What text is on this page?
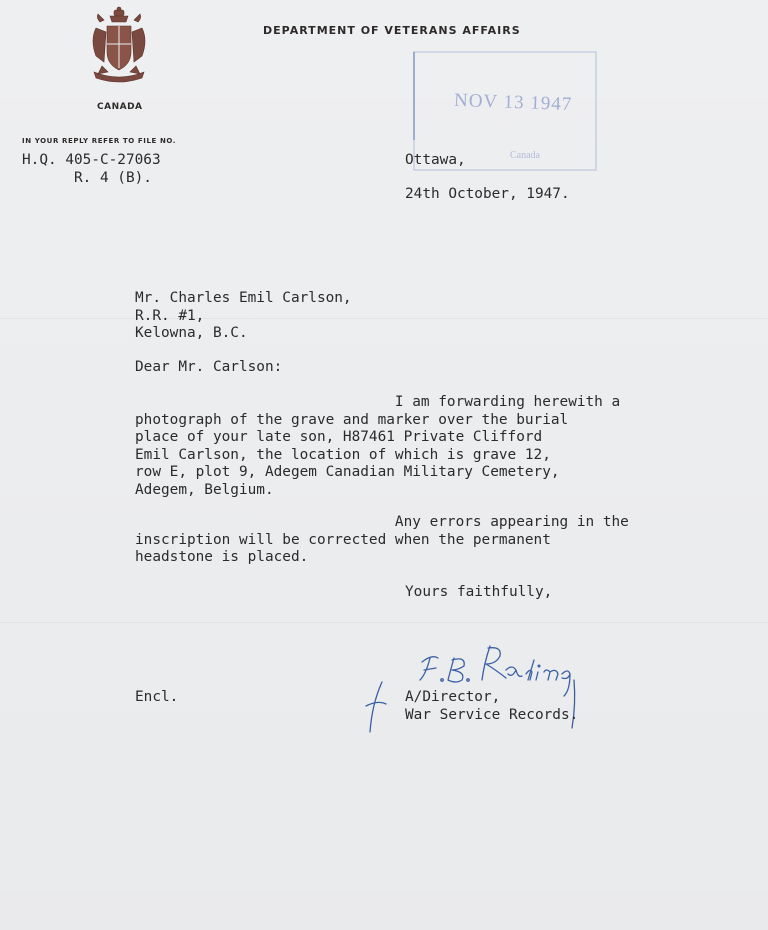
CANADA
DEPARTMENT OF VETERANS AFFAIRS
IN YOUR REPLY REFER TO FILE NO.
NOV 13 1947
Canada
H.Q. 405-C-27063
R. 4 (B).
Ottawa,
24th October, 1947.
Mr. Charles Emil Carlson,
R.R. #1,
Kelowna, B.C.
Dear Mr. Carlson:
I am forwarding herewith a
photograph of the grave and marker over the burial
place of your late son, H87461 Private Clifford
Emil Carlson, the location of which is grave 12,
row E, plot 9, Adegem Canadian Military Cemetery,
Adegem, Belgium.
Any errors appearing in the
inscription will be corrected when the permanent
headstone is placed.
Yours faithfully,
Encl.	A/Director,
War Service Records.
